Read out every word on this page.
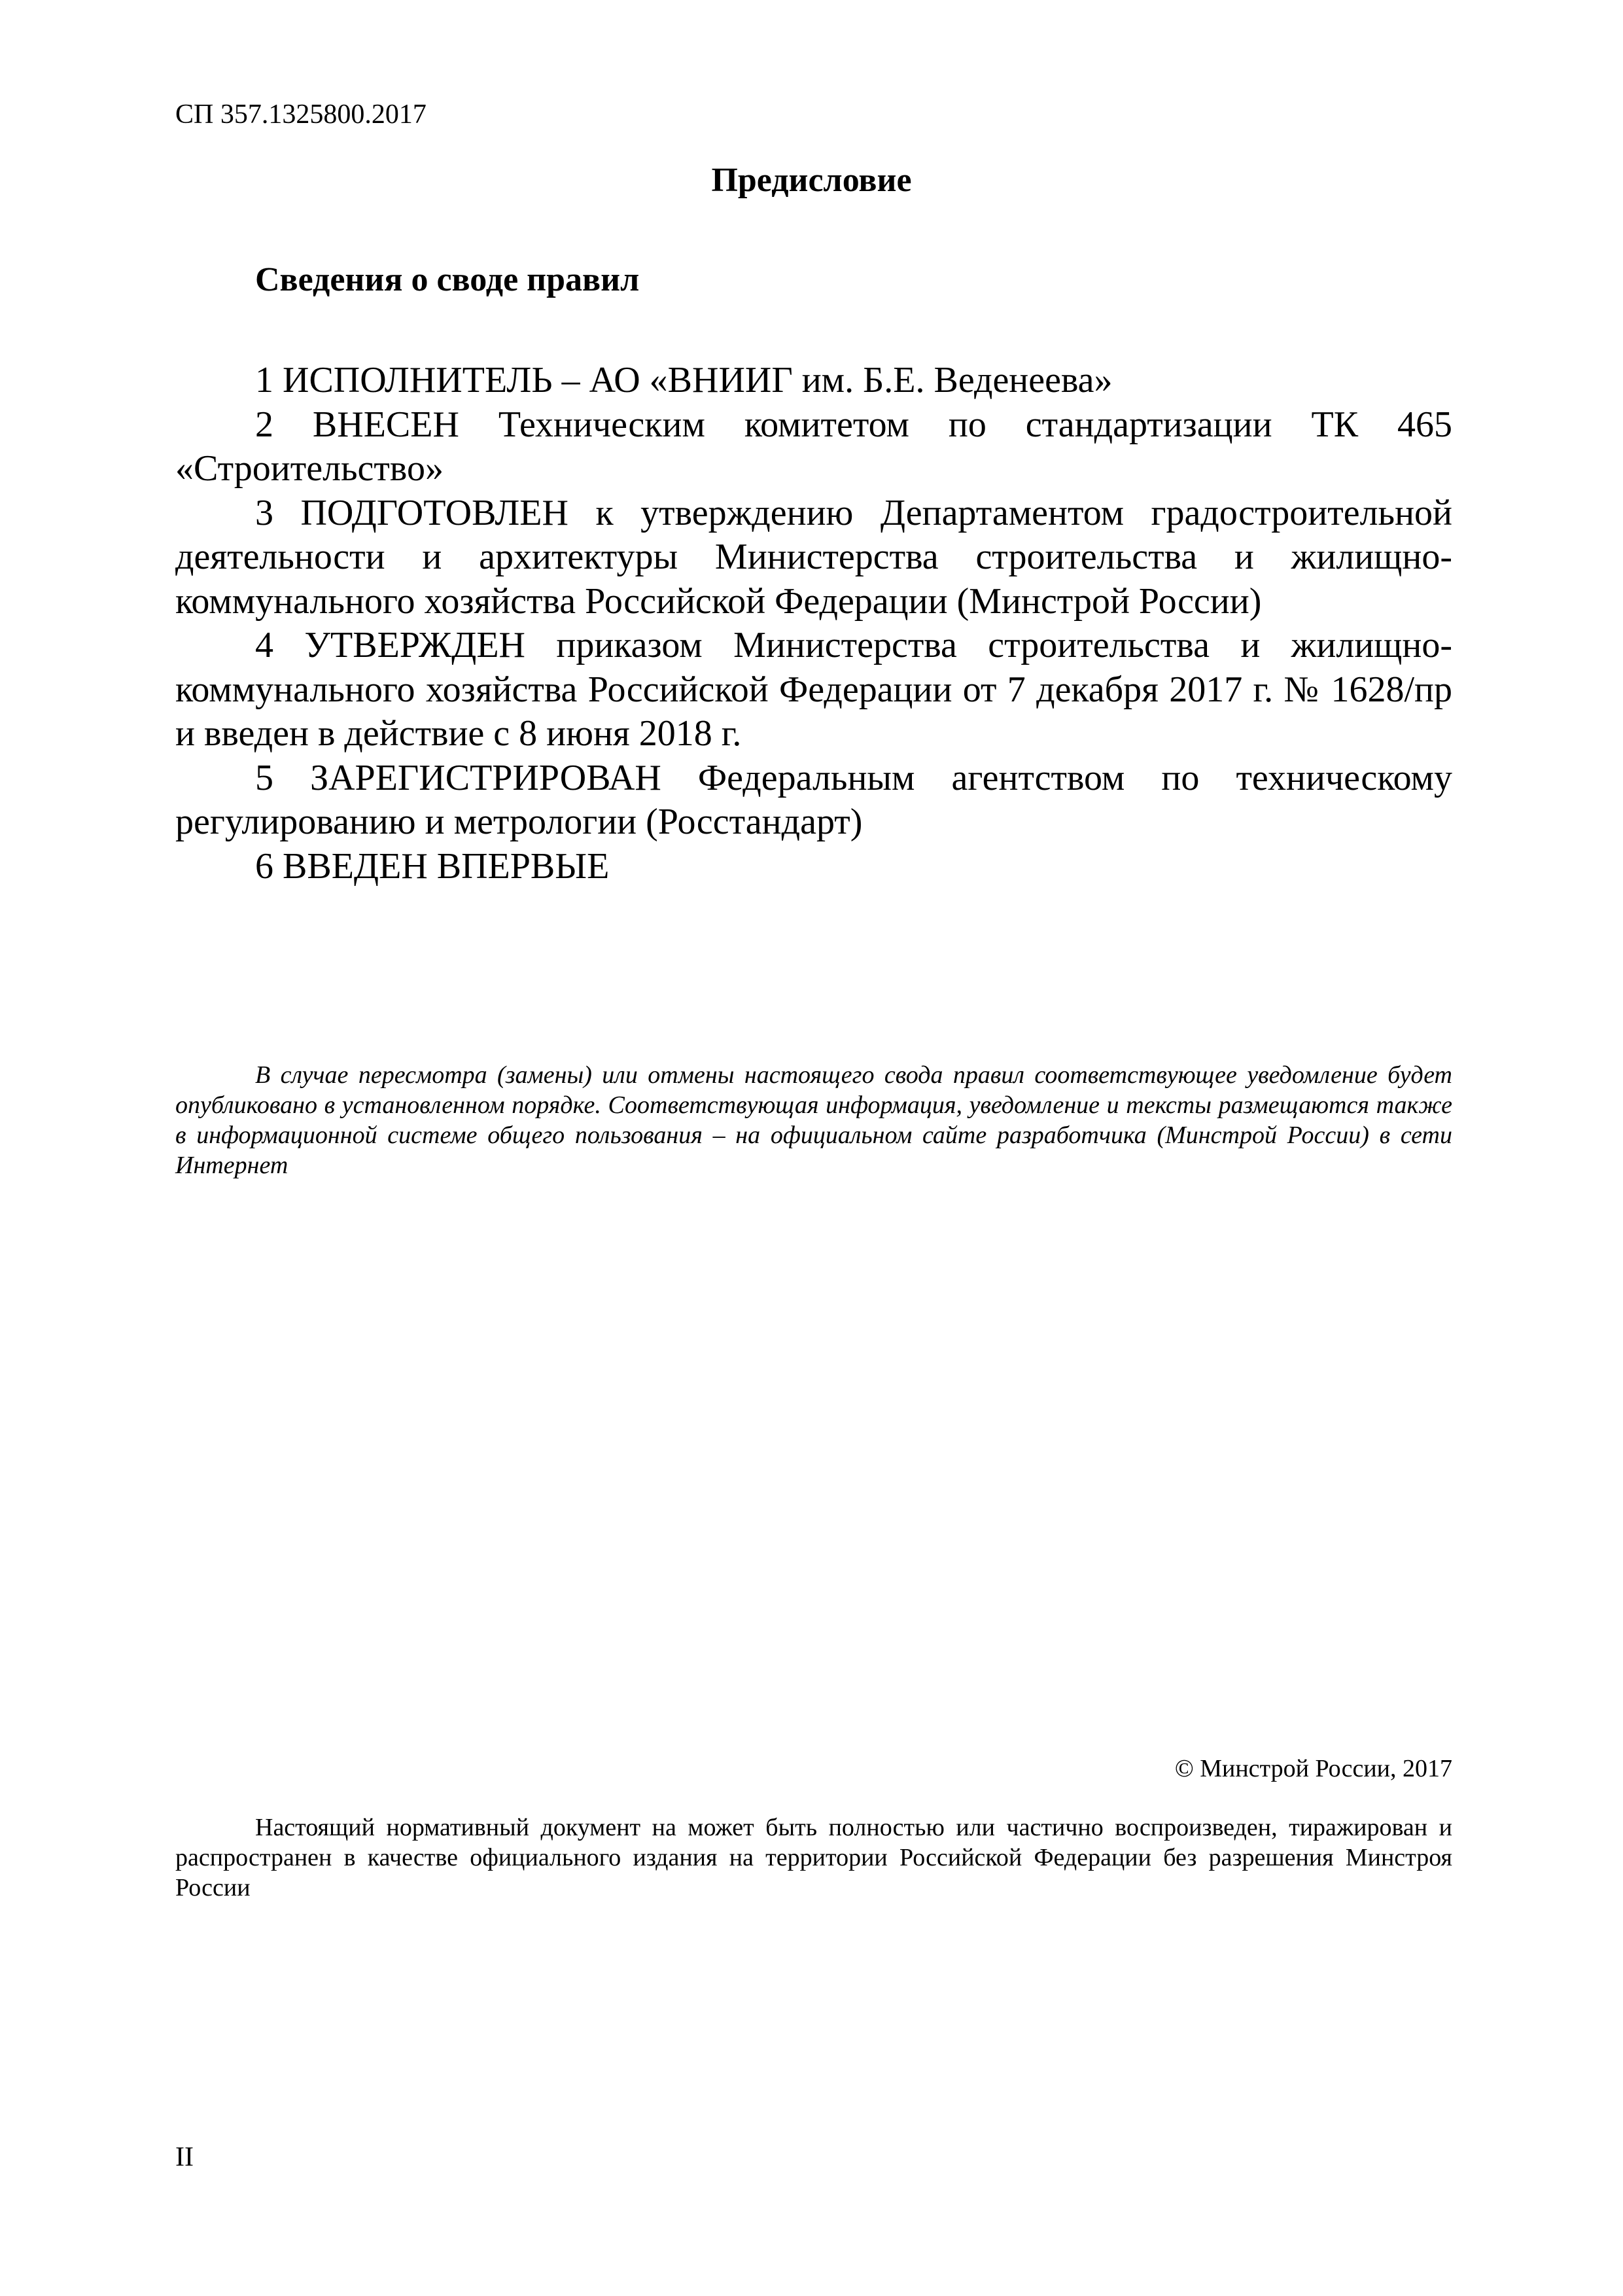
СП 357.1325800.2017
Предисловие
Сведения о своде правил

1 ИСПОЛНИТЕЛЬ – АО «ВНИИГ им. Б.Е. Веденеева»

2 ВНЕСЕН Техническим комитетом по стандартизации ТК 465 «Строительство»

3 ПОДГОТОВЛЕН к утверждению Департаментом градостроительной деятельности и архитектуры Министерства строительства и жилищно-коммунального хозяйства Российской Федерации (Минстрой России)

4 УТВЕРЖДЕН приказом Министерства строительства и жилищно-коммунального хозяйства Российской Федерации от 7 декабря 2017 г. № 1628/пр и введен в действие с 8 июня 2018 г.

5 ЗАРЕГИСТРИРОВАН Федеральным агентством по техническому регулированию и метрологии (Росстандарт)

6 ВВЕДЕН ВПЕРВЫЕ

В случае пересмотра (замены) или отмены настоящего свода правил соответствующее уведомление будет опубликовано в установленном порядке. Соответствующая информация, уведомление и тексты размещаются также в информационной системе общего пользования – на официальном сайте разработчика (Минстрой России) в сети Интернет
© Минстрой России, 2017
Настоящий нормативный документ на может быть полностью или частично воспроизведен, тиражирован и распространен в качестве официального издания на территории Российской Федерации без разрешения Минстроя России
II
